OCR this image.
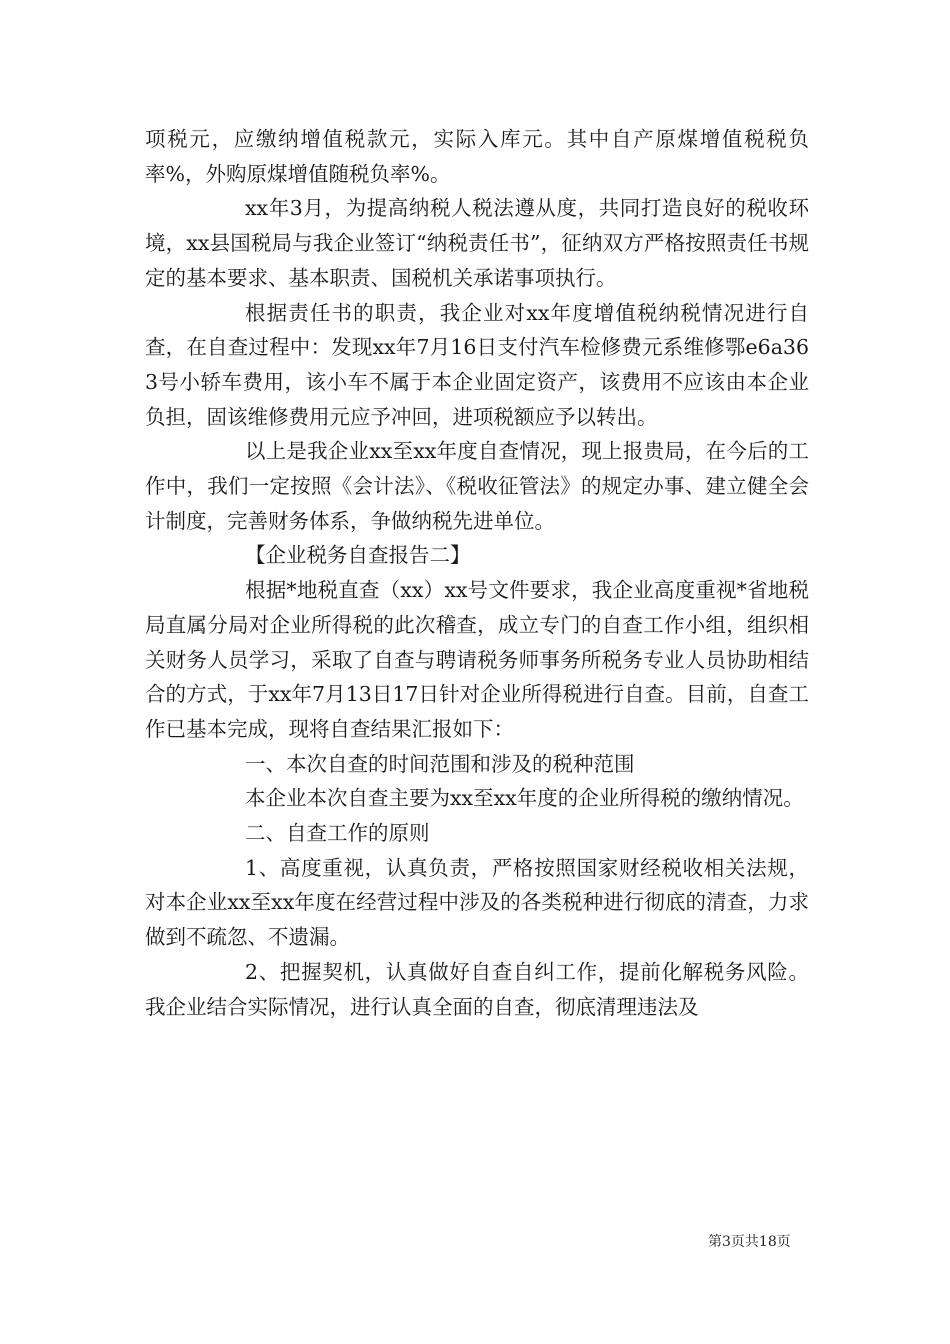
项税元，应缴纳增值税款元，实际入库元。其中自产原煤增值税税负率%，外购原煤增值随税负率%。

xx年3月，为提高纳税人税法遵从度，共同打造良好的税收环境，xx县国税局与我企业签订“纳税责任书”，征纳双方严格按照责任书规定的基本要求、基本职责、国税机关承诺事项执行。

根据责任书的职责，我企业对xx年度增值税纳税情况进行自查，在自查过程中：发现xx年7月16日支付汽车检修费元系维修鄂e6a363号小轿车费用，该小车不属于本企业固定资产，该费用不应该由本企业负担，固该维修费用元应予冲回，进项税额应予以转出。

以上是我企业xx至xx年度自查情况，现上报贵局，在今后的工作中，我们一定按照《会计法》、《税收征管法》的规定办事、建立健全会计制度，完善财务体系，争做纳税先进单位。

【企业税务自查报告二】

根据*地税直查（xx）xx号文件要求，我企业高度重视*省地税局直属分局对企业所得税的此次稽查，成立专门的自查工作小组，组织相关财务人员学习，采取了自查与聘请税务师事务所税务专业人员协助相结合的方式，于xx年7月13日17日针对企业所得税进行自查。目前，自查工作已基本完成，现将自查结果汇报如下：

一、本次自查的时间范围和涉及的税种范围

本企业本次自查主要为xx至xx年度的企业所得税的缴纳情况。

二、自查工作的原则

1、高度重视，认真负责，严格按照国家财经税收相关法规，对本企业xx至xx年度在经营过程中涉及的各类税种进行彻底的清查，力求做到不疏忽、不遗漏。

2、把握契机，认真做好自查自纠工作，提前化解税务风险。我企业结合实际情况，进行认真全面的自查，彻底清理违法及

第3页共18页
